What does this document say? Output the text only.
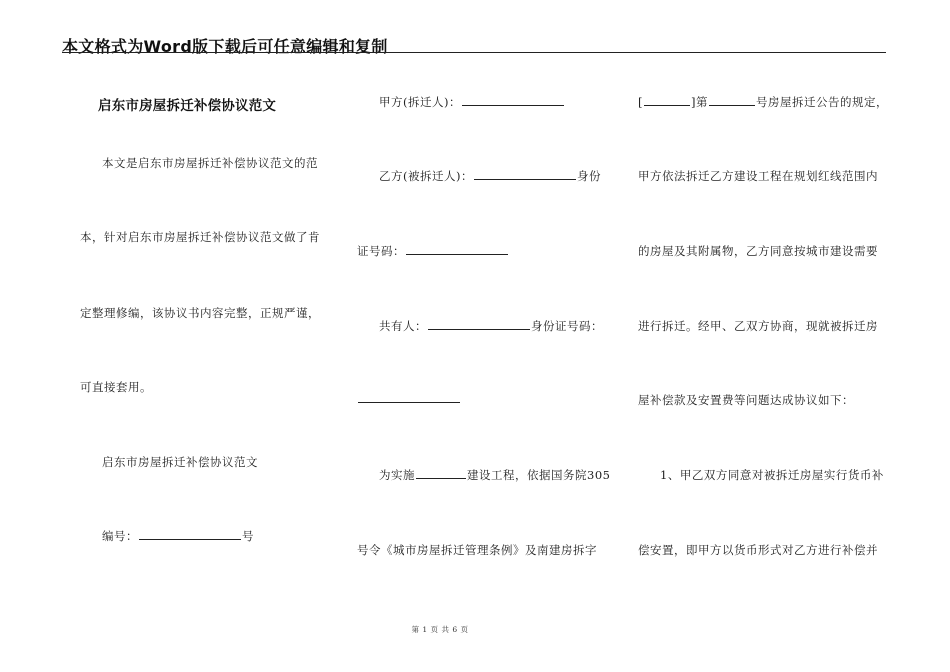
本文格式为Word版下载后可任意编辑和复制
启东市房屋拆迁补偿协议范文
本文是启东市房屋拆迁补偿协议范文的范
本，针对启东市房屋拆迁补偿协议范文做了肯
定整理修编，该协议书内容完整，正规严谨，
可直接套用。
启东市房屋拆迁补偿协议范文
编号：	号
甲方(拆迁人)：
乙方(被拆迁人)：	身份
证号码：
共有人：	身份证号码：
为实施	建设工程，依据国务院305
号令《城市房屋拆迁管理条例》及南建房拆字
[	]第	号房屋拆迁公告的规定，
甲方依法拆迁乙方建设工程在规划红线范围内
的房屋及其附属物，乙方同意按城市建设需要
进行拆迁。经甲、乙双方协商，现就被拆迁房
屋补偿款及安置费等问题达成协议如下：
1、甲乙双方同意对被拆迁房屋实行货币补
偿安置，即甲方以货币形式对乙方进行补偿并
第 1 页 共 6 页
